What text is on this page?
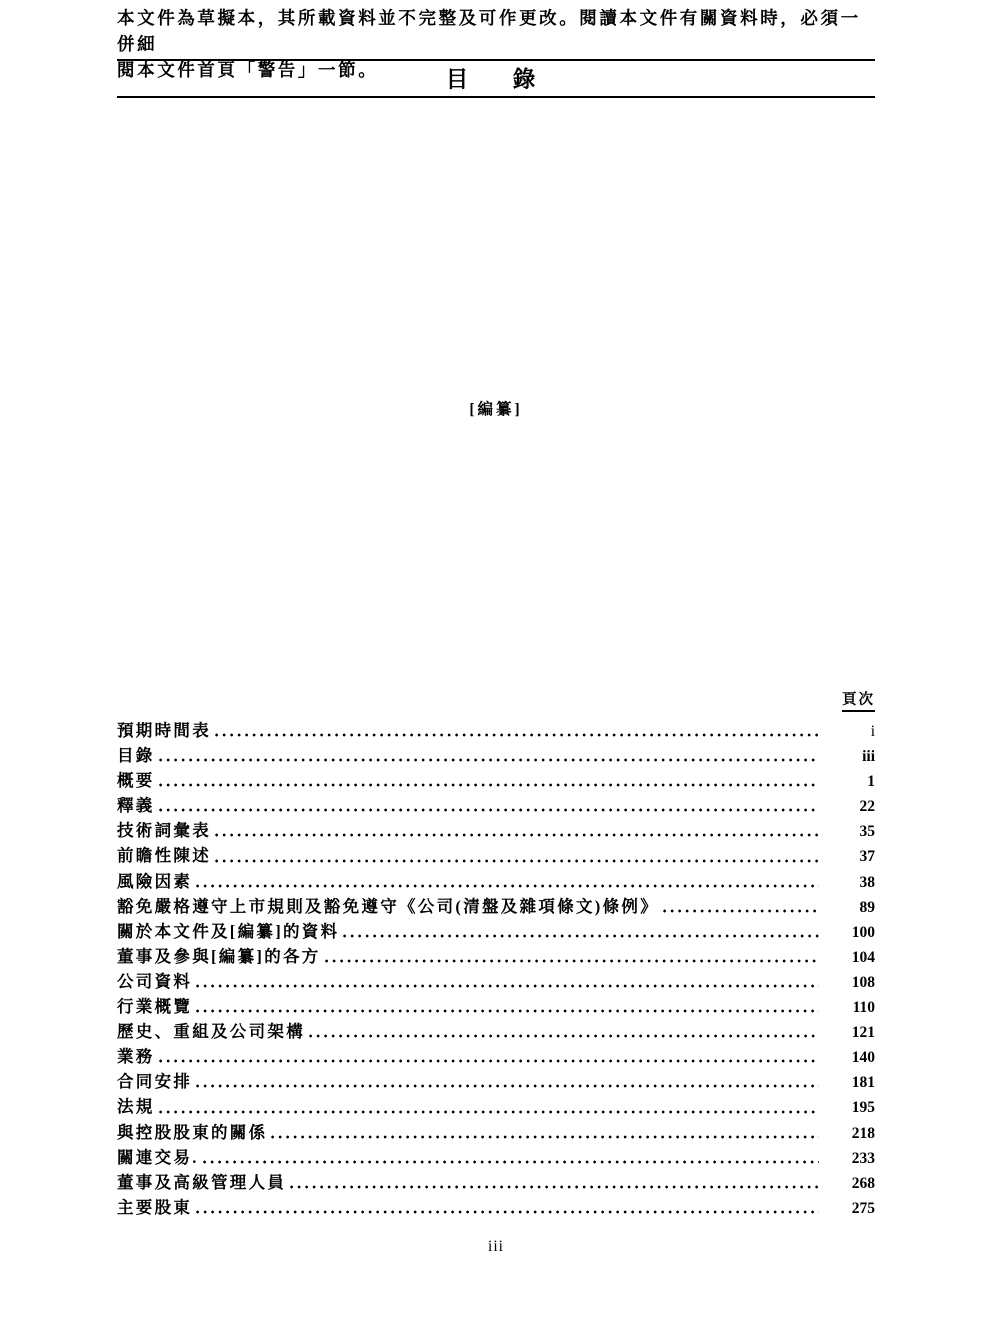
本文件為草擬本，其所載資料並不完整及可作更改。閱讀本文件有關資料時，必須一併細
閱本文件首頁「警告」一節。	目　錄
[編纂]
頁次
預期時間表	i
目錄	iii
概要	1
釋義	22
技術詞彙表	35
前瞻性陳述	37
風險因素	38
豁免嚴格遵守上市規則及豁免遵守《公司(清盤及雜項條文)條例》	89
關於本文件及[編纂]的資料	100
董事及參與[編纂]的各方	104
公司資料	108
行業概覽	110
歷史、重組及公司架構	121
業務	140
合同安排	181
法規	195
與控股股東的關係	218
關連交易.	233
董事及高級管理人員	268
主要股東	275
iii
